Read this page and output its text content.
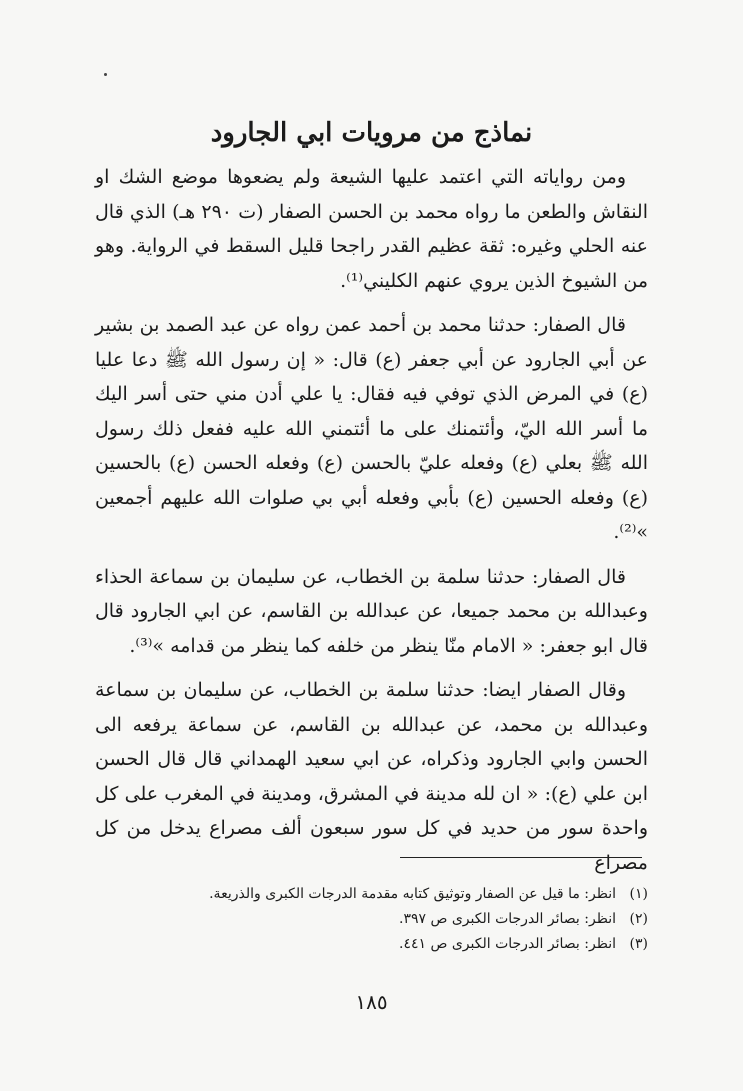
نماذج من مرويات ابي الجارود

ومن رواياته التي اعتمد عليها الشيعة ولم يضعوها موضع الشك او النقاش والطعن ما رواه محمد بن الحسن الصفار (ت ٢٩٠ هـ) الذي قال عنه الحلي وغيره: ثقة عظيم القدر راجحا قليل السقط في الرواية. وهو من الشيوخ الذين يروي عنهم الكليني⁽¹⁾.

قال الصفار: حدثنا محمد بن أحمد عمن رواه عن عبد الصمد بن بشير عن أبي الجارود عن أبي جعفر (ع) قال: « إن رسول الله ﷺ دعا عليا (ع) في المرض الذي توفي فيه فقال: يا علي أدن مني حتى أسر اليك ما أسر الله اليّ، وأئتمنك على ما أئتمني الله عليه ففعل ذلك رسول الله ﷺ بعلي (ع) وفعله عليّ بالحسن (ع) وفعله الحسن (ع) بالحسين (ع) وفعله الحسين (ع) بأبي وفعله أبي بي صلوات الله عليهم أجمعين »⁽²⁾.

قال الصفار: حدثنا سلمة بن الخطاب، عن سليمان بن سماعة الحذاء وعبدالله بن محمد جميعا، عن عبدالله بن القاسم، عن ابي الجارود قال قال ابو جعفر: « الامام منّا ينظر من خلفه كما ينظر من قدامه »⁽³⁾.

وقال الصفار ايضا: حدثنا سلمة بن الخطاب، عن سليمان بن سماعة وعبدالله بن محمد، عن عبدالله بن القاسم، عن سماعة يرفعه الى الحسن وابي الجارود وذكراه، عن ابي سعيد الهمداني قال قال الحسن ابن علي (ع): « ان لله مدينة في المشرق، ومدينة في المغرب على كل واحدة سور من حديد في كل سور سبعون ألف مصراع يدخل من كل مصراع

(١)
انظر: ما قيل عن الصفار وتوثيق كتابه مقدمة الدرجات الكبرى والذريعة.
(٢)
انظر: بصائر الدرجات الكبرى ص ٣٩٧.
(٣)
انظر: بصائر الدرجات الكبرى ص ٤٤١.
١٨٥
